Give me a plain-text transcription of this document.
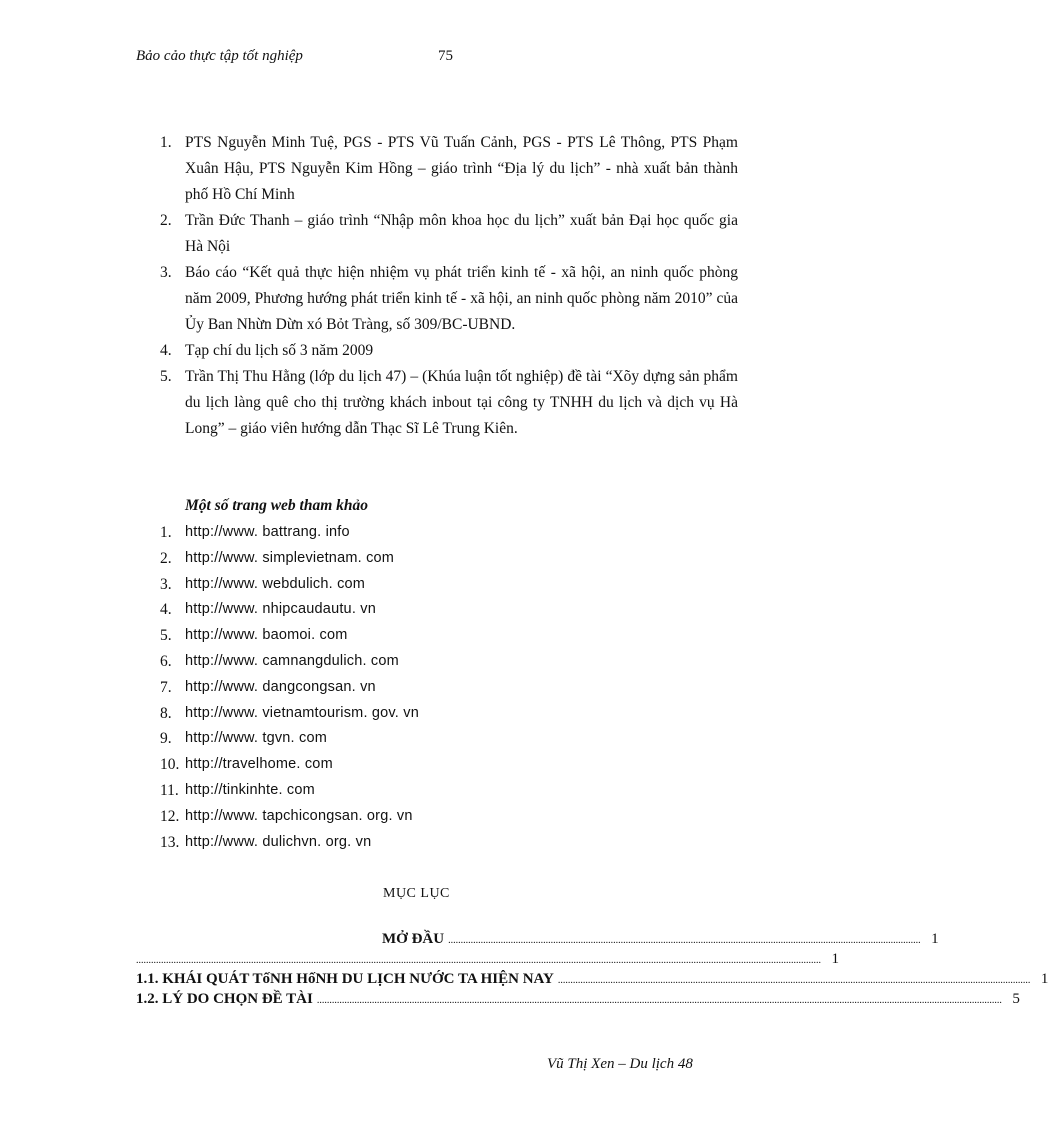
Bảo cảo thực tập tốt nghiệp	75
1. PTS Nguyễn Minh Tuệ, PGS - PTS Vũ Tuấn Cảnh, PGS - PTS Lê Thông, PTS Phạm Xuân Hậu, PTS Nguyễn Kim Hồng – giáo trình “Địa lý du lịch” - nhà xuất bản thành phố Hồ Chí Minh
2. Trần Đức Thanh – giáo trình “Nhập môn khoa học du lịch” xuất bản Đại học quốc gia Hà Nội
3. Báo cáo “Kết quả thực hiện nhiệm vụ phát triển kinh tế - xã hội, an ninh quốc phòng năm 2009, Phương hướng phát triển kinh tế - xã hội, an ninh quốc phòng năm 2010” của Ủy Ban Nhừn Dừn xó Bỏt Tràng, số 309/BC-UBND.
4. Tạp chí du lịch số 3 năm 2009
5. Trần Thị Thu Hằng (lớp du lịch 47) – (Khúa luận tốt nghiệp) đề tài “Xõy dựng sản phẩm du lịch làng quê cho thị trường khách inbout tại công ty TNHH du lịch và dịch vụ Hà Long” – giáo viên hướng dẫn Thạc Sĩ Lê Trung Kiên.
Một số trang web tham khảo
1. http://www. battrang. info
2. http://www. simplevietnam. com
3. http://www. webdulich. com
4. http://www. nhipcaudautu. vn
5. http://www. baomoi. com
6. http://www. camnangdulich. com
7. http://www. dangcongsan. vn
8. http://www. vietnamtourism. gov. vn
9. http://www. tgvn. com
10. http://travelhome. com
11. http://tinkinhte. com
12. http://www. tapchicongsan. org. vn
13. http://www. dulichvn. org. vn
MỤC LỤC
MỞ ĐẦU ............................................................................................................................................................................................. 1
.................................................................................................................................................................................................................................................................................. 1
1.1. KHÁI QUÁT TốNH HốNH DU LỊCH NƯỚC TA HIỆN NAY ............................................................................................................................................................................................. 1
1.2. LÝ DO CHỌN ĐỀ TÀI .................................................................................................................................................................................................................................................................................. 5
Vũ Thị Xen – Du lịch 48
